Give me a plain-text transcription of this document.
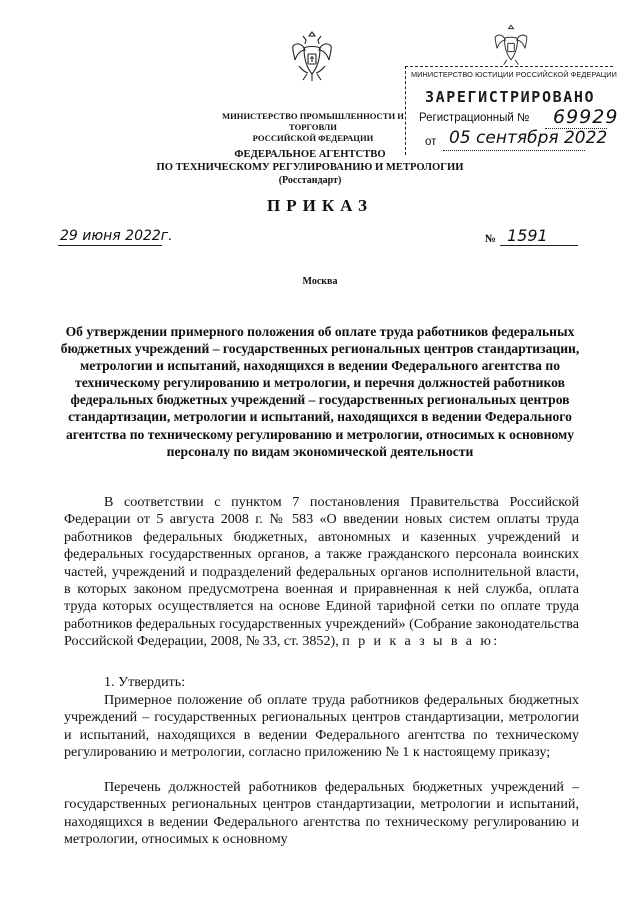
МИНИСТЕРСТВО ПРОМЫШЛЕННОСТИ И ТОРГОВЛИ
РОССИЙСКОЙ ФЕДЕРАЦИИ
ФЕДЕРАЛЬНОЕ АГЕНТСТВО
ПО ТЕХНИЧЕСКОМУ РЕГУЛИРОВАНИЮ И МЕТРОЛОГИИ
(Росстандарт)
МИНИСТЕРСТВО ЮСТИЦИИ РОССИЙСКОЙ ФЕДЕРАЦИИ
ЗАРЕГИСТРИРОВАНО
Регистрационный № 69929
от 05 сентября 2022
ПРИКАЗ
29 июня 2022г.	№ 1591
Москва
Об утверждении примерного положения об оплате труда работников федеральных бюджетных учреждений – государственных региональных центров стандартизации, метрологии и испытаний, находящихся в ведении Федерального агентства по техническому регулированию и метрологии, и перечня должностей работников федеральных бюджетных учреждений – государственных региональных центров стандартизации, метрологии и испытаний, находящихся в ведении Федерального агентства по техническому регулированию и метрологии, относимых к основному персоналу по видам экономической деятельности

В соответствии с пунктом 7 постановления Правительства Российской Федерации от 5 августа 2008 г. № 583 «О введении новых систем оплаты труда работников федеральных бюджетных, автономных и казенных учреждений и федеральных государственных органов, а также гражданского персонала воинских частей, учреждений и подразделений федеральных органов исполнительной власти, в которых законом предусмотрена военная и приравненная к ней служба, оплата труда которых осуществляется на основе Единой тарифной сетки по оплате труда работников федеральных государственных учреждений» (Собрание законодательства Российской Федерации, 2008, № 33, ст. 3852), п р и к а з ы в а ю:

1. Утвердить:

Примерное положение об оплате труда работников федеральных бюджетных учреждений – государственных региональных центров стандартизации, метрологии и испытаний, находящихся в ведении Федерального агентства по техническому регулированию и метрологии, согласно приложению № 1 к настоящему приказу;

Перечень должностей работников федеральных бюджетных учреждений – государственных региональных центров стандартизации, метрологии и испытаний, находящихся в ведении Федерального агентства по техническому регулированию и метрологии, относимых к основному
